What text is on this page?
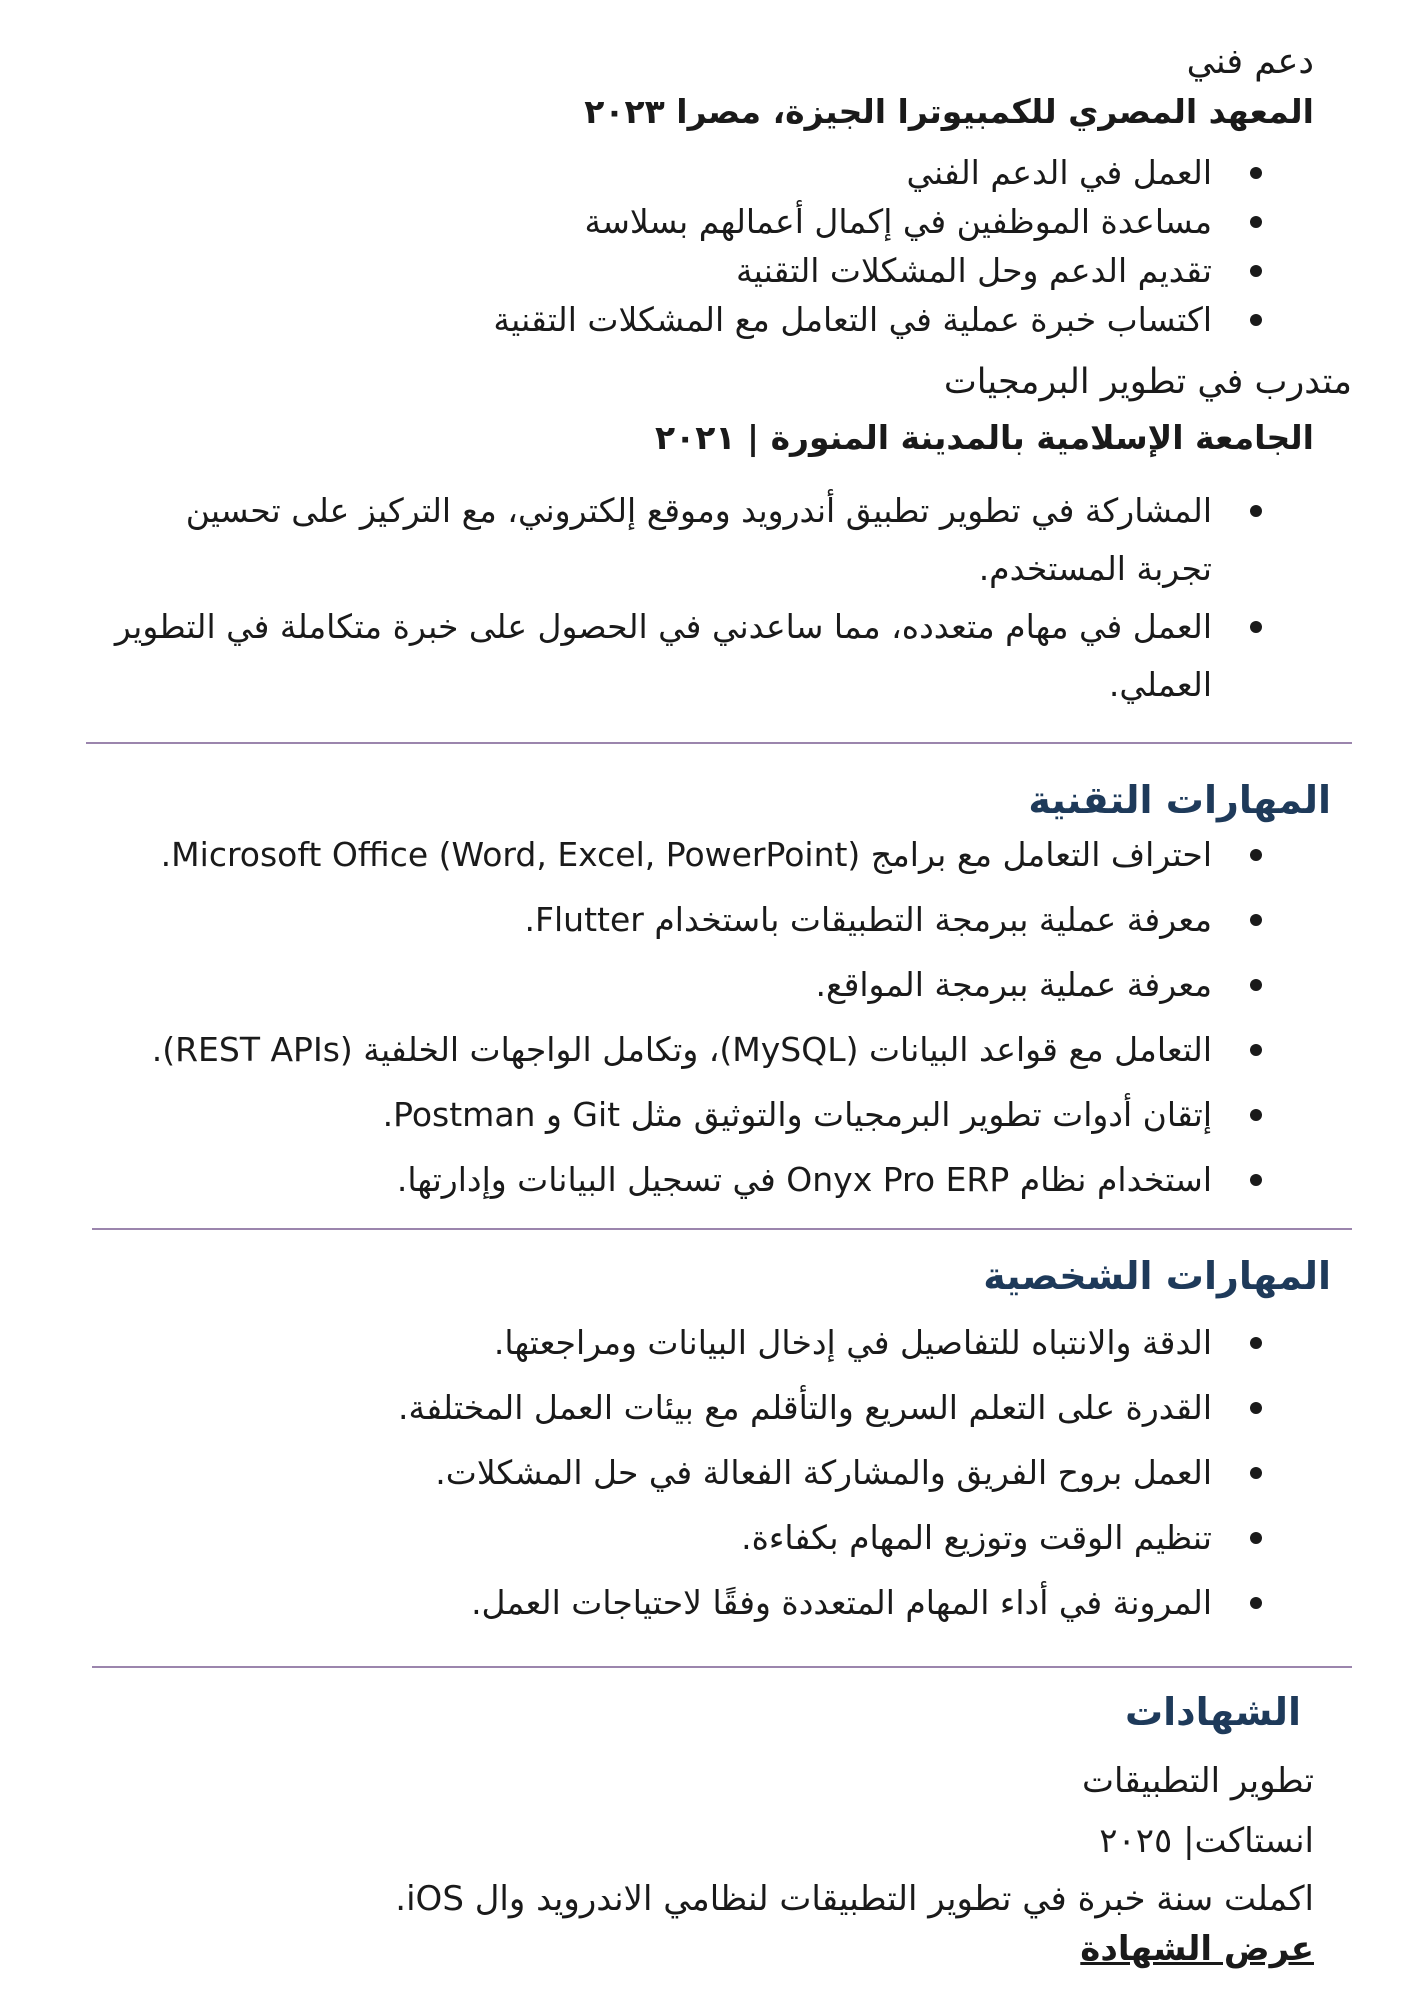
دعم فني

المعهد المصري للكمبيوترا الجيزة، مصرا ٢٠٢٣

العمل في الدعم الفني
مساعدة الموظفين في إكمال أعمالهم بسلاسة
تقديم الدعم وحل المشكلات التقنية
اكتساب خبرة عملية في التعامل مع المشكلات التقنية

متدرب في تطوير البرمجيات

الجامعة الإسلامية بالمدينة المنورة | ٢٠٢١

المشاركة في تطوير تطبيق أندرويد وموقع إلكتروني، مع التركيز على تحسين تجربة المستخدم.
العمل في مهام متعدده، مما ساعدني في الحصول على خبرة متكاملة في التطوير العملي.

المهارات التقنية

احتراف التعامل مع برامج Microsoft Office (Word, Excel, PowerPoint).
معرفة عملية ببرمجة التطبيقات باستخدام Flutter.
معرفة عملية ببرمجة المواقع.
التعامل مع قواعد البيانات (MySQL)، وتكامل الواجهات الخلفية (REST APIs).
إتقان أدوات تطوير البرمجيات والتوثيق مثل Git و Postman.
استخدام نظام Onyx Pro ERP في تسجيل البيانات وإدارتها.

المهارات الشخصية

الدقة والانتباه للتفاصيل في إدخال البيانات ومراجعتها.
القدرة على التعلم السريع والتأقلم مع بيئات العمل المختلفة.
العمل بروح الفريق والمشاركة الفعالة في حل المشكلات.
تنظيم الوقت وتوزيع المهام بكفاءة.
المرونة في أداء المهام المتعددة وفقًا لاحتياجات العمل.

الشهادات

تطوير التطبيقات

انستاكت| ٢٠٢٥

اكملت سنة خبرة في تطوير التطبيقات لنظامي الاندرويد وال iOS.

عرض الشهادة
